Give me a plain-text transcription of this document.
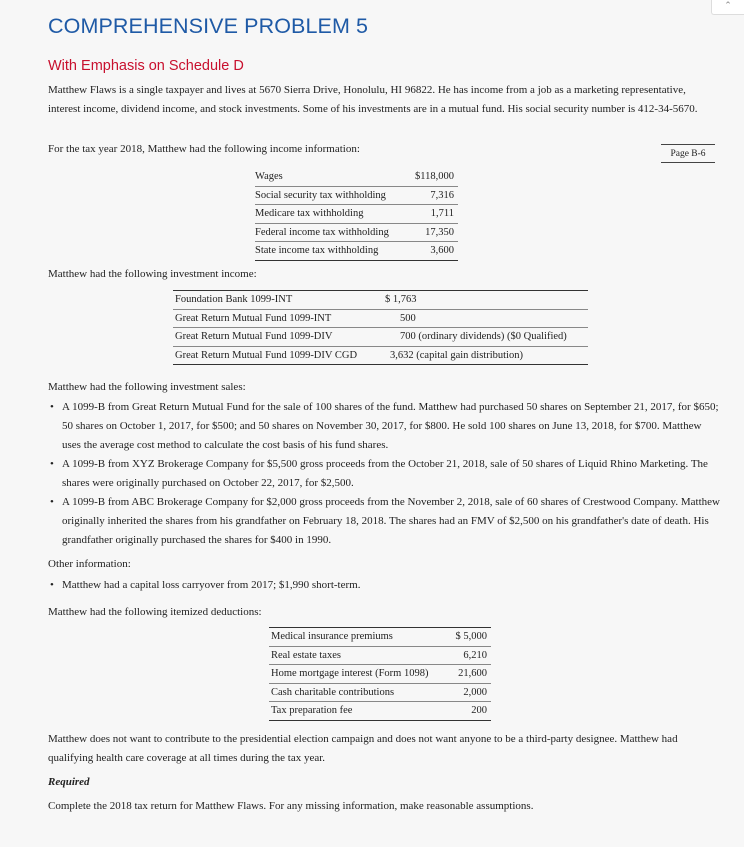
⌃
COMPREHENSIVE PROBLEM 5
With Emphasis on Schedule D
Matthew Flaws is a single taxpayer and lives at 5670 Sierra Drive, Honolulu, HI 96822. He has income from a job as a marketing representative, interest income, dividend income, and stock investments. Some of his investments are in a mutual fund. His social security number is 412-34-5670.
For the tax year 2018, Matthew had the following income information:	Page B-6
Wages	$118,000
Social security tax withholding	7,316
Medicare tax withholding	1,711
Federal income tax withholding	17,350
State income tax withholding	3,600
Matthew had the following investment income:
Foundation Bank 1099-INT	$ 1,763
Great Return Mutual Fund 1099-INT	500
Great Return Mutual Fund 1099-DIV	700 (ordinary dividends) ($0 Qualified)
Great Return Mutual Fund 1099-DIV CGD	3,632 (capital gain distribution)
Matthew had the following investment sales:
• A 1099-B from Great Return Mutual Fund for the sale of 100 shares of the fund. Matthew had purchased 50 shares on September 21, 2017, for $650; 50 shares on October 1, 2017, for $500; and 50 shares on November 30, 2017, for $800. He sold 100 shares on June 13, 2018, for $700. Matthew uses the average cost method to calculate the cost basis of his fund shares.
• A 1099-B from XYZ Brokerage Company for $5,500 gross proceeds from the October 21, 2018, sale of 50 shares of Liquid Rhino Marketing. The shares were originally purchased on October 22, 2017, for $2,500.
• A 1099-B from ABC Brokerage Company for $2,000 gross proceeds from the November 2, 2018, sale of 60 shares of Crestwood Company. Matthew originally inherited the shares from his grandfather on February 18, 2018. The shares had an FMV of $2,500 on his grandfather's date of death. His grandfather originally purchased the shares for $400 in 1990.
Other information:
• Matthew had a capital loss carryover from 2017; $1,990 short-term.
Matthew had the following itemized deductions:
Medical insurance premiums	$ 5,000
Real estate taxes	6,210
Home mortgage interest (Form 1098)	21,600
Cash charitable contributions	2,000
Tax preparation fee	200
Matthew does not want to contribute to the presidential election campaign and does not want anyone to be a third-party designee. Matthew had qualifying health care coverage at all times during the tax year.
Required
Complete the 2018 tax return for Matthew Flaws. For any missing information, make reasonable assumptions.
